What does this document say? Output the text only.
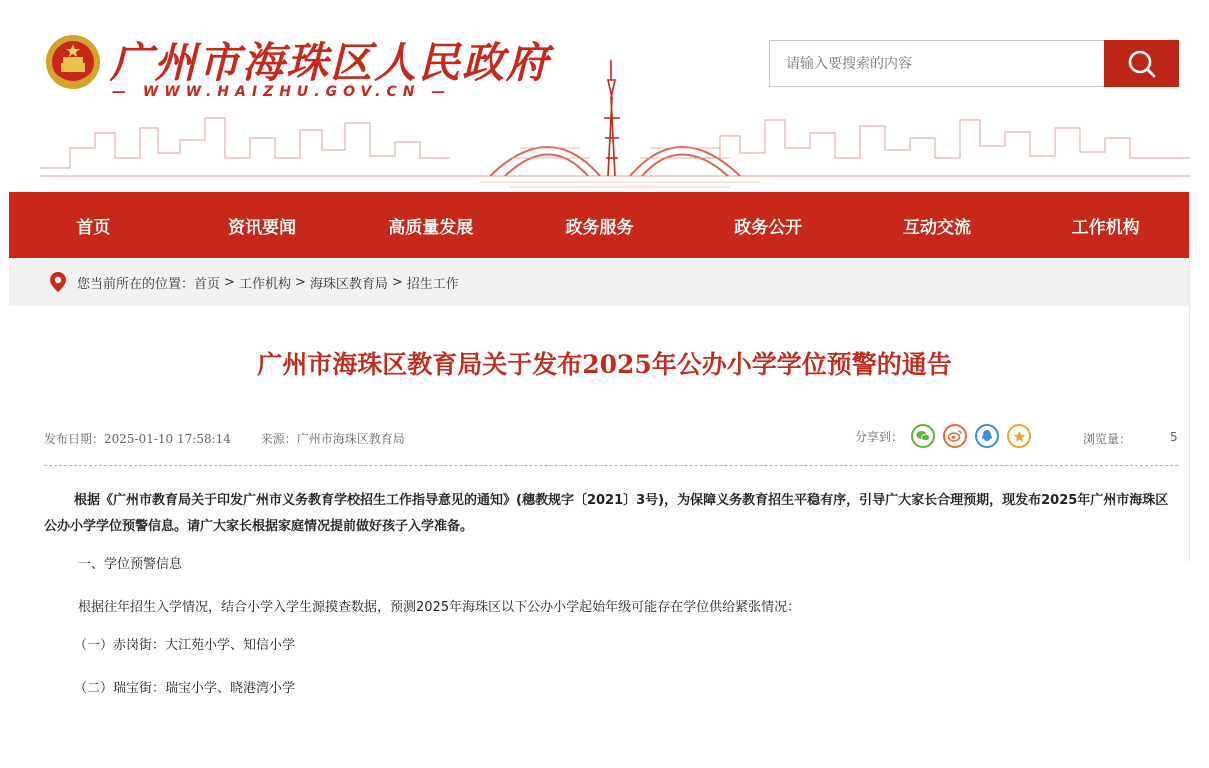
广州市海珠区人民政府
— WWW.HAIZHU.GOV.CN —
请输入要搜索的内容
首页	资讯要闻	高质量发展	政务服务	政务公开	互动交流	工作机构
您当前所在的位置： 首页 > 工作机构 > 海珠区教育局 > 招生工作
广州市海珠区教育局关于发布2025年公办小学学位预警的通告
发布日期：2025-01-10 17:58:14 来源：广州市海珠区教育局	分享到：	浏览量：	5
根据《广州市教育局关于印发广州市义务教育学校招生工作指导意见的通知》(穗教规字〔2021〕3号)，为保障义务教育招生平稳有序，引导广大家长合理预期，现发布2025年广州市海珠区公办小学学位预警信息。请广大家长根据家庭情况提前做好孩子入学准备。
一、学位预警信息
根据往年招生入学情况，结合小学入学生源摸查数据，预测2025年海珠区以下公办小学起始年级可能存在学位供给紧张情况：
（一）赤岗街：大江苑小学、知信小学
（二）瑞宝街：瑞宝小学、晓港湾小学
